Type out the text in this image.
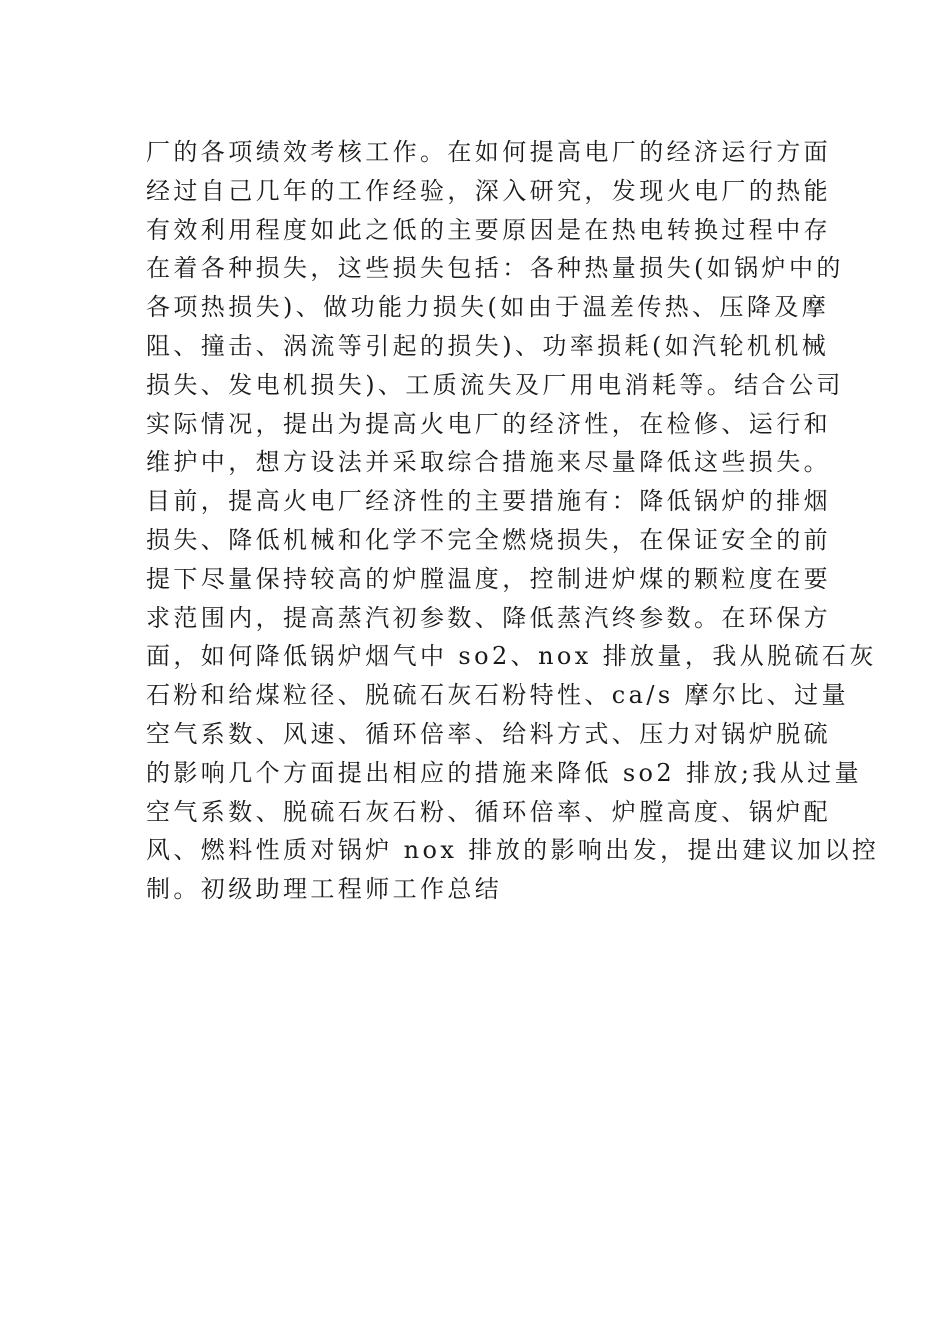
厂的各项绩效考核工作。在如何提高电厂的经济运行方面
经过自己几年的工作经验，深入研究，发现火电厂的热能
有效利用程度如此之低的主要原因是在热电转换过程中存
在着各种损失，这些损失包括：各种热量损失(如锅炉中的
各项热损失)、做功能力损失(如由于温差传热、压降及摩
阻、撞击、涡流等引起的损失)、功率损耗(如汽轮机机械
损失、发电机损失)、工质流失及厂用电消耗等。结合公司
实际情况，提出为提高火电厂的经济性，在检修、运行和
维护中，想方设法并采取综合措施来尽量降低这些损失。
目前，提高火电厂经济性的主要措施有：降低锅炉的排烟
损失、降低机械和化学不完全燃烧损失，在保证安全的前
提下尽量保持较高的炉膛温度，控制进炉煤的颗粒度在要
求范围内，提高蒸汽初参数、降低蒸汽终参数。在环保方
面，如何降低锅炉烟气中 so2、nox 排放量，我从脱硫石灰
石粉和给煤粒径、脱硫石灰石粉特性、ca/s 摩尔比、过量
空气系数、风速、循环倍率、给料方式、压力对锅炉脱硫
的影响几个方面提出相应的措施来降低 so2 排放;我从过量
空气系数、脱硫石灰石粉、循环倍率、炉膛高度、锅炉配
风、燃料性质对锅炉 nox 排放的影响出发，提出建议加以控
制。初级助理工程师工作总结
